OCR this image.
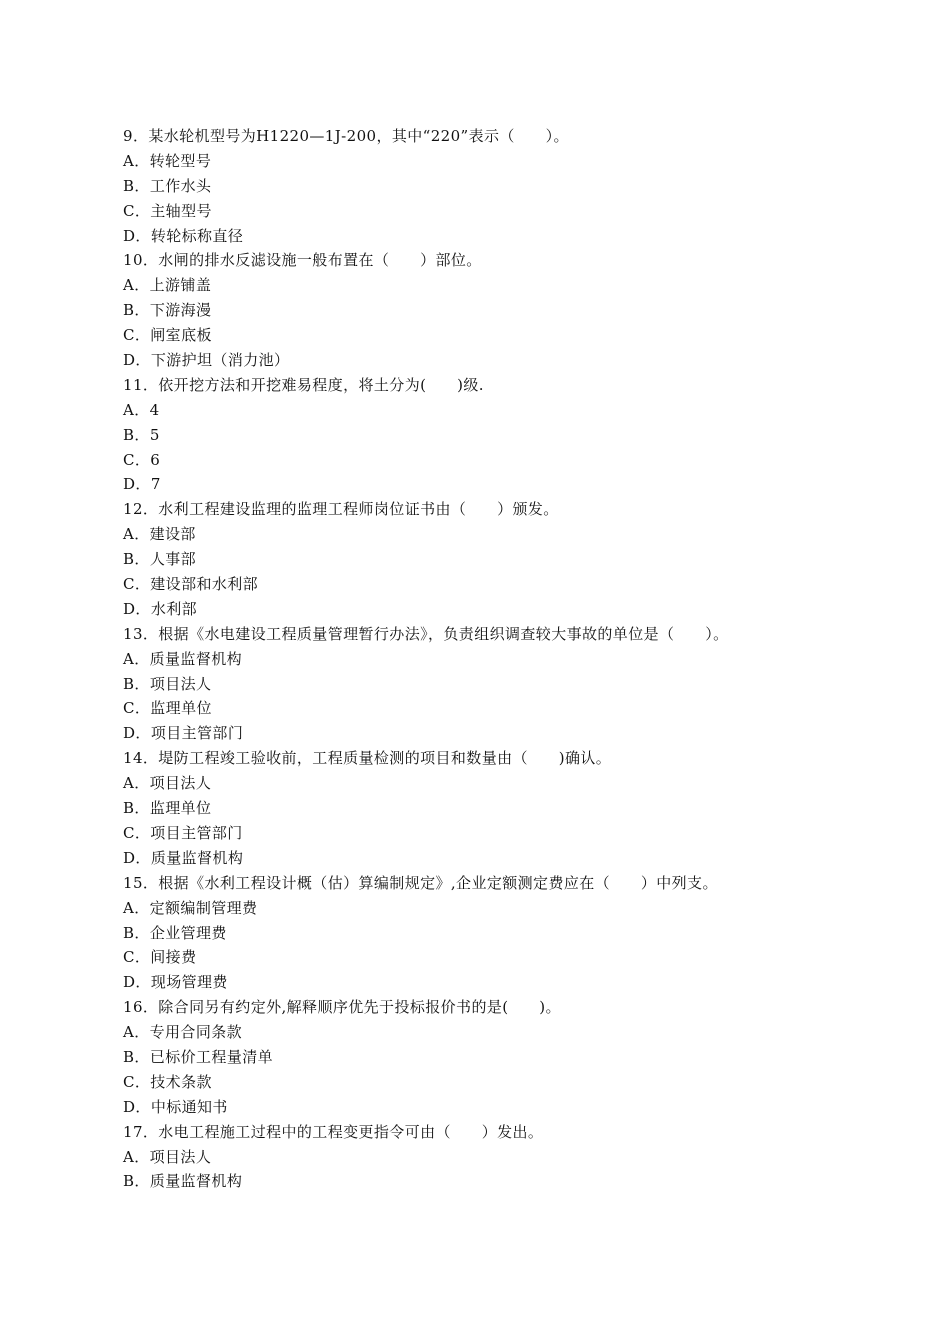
9．某水轮机型号为H1220—1J-200，其中“220”表示（　　）。
A．转轮型号
B．工作水头
C．主轴型号
D．转轮标称直径
10．水闸的排水反滤设施一般布置在（　　）部位。
A．上游铺盖
B．下游海漫
C．闸室底板
D．下游护坦（消力池）
11．依开挖方法和开挖难易程度，将土分为(　　)级.
A．4
B．5
C．6
D．7
12．水利工程建设监理的监理工程师岗位证书由（　　）颁发。
A．建设部
B．人事部
C．建设部和水利部
D．水利部
13．根据《水电建设工程质量管理暂行办法》，负责组织调查较大事故的单位是（　　）。
A．质量监督机构
B．项目法人
C．监理单位
D．项目主管部门
14．堤防工程竣工验收前，工程质量检测的项目和数量由（　　)确认。
A．项目法人
B．监理单位
C．项目主管部门
D．质量监督机构
15．根据《水利工程设计概（估）算编制规定》,企业定额测定费应在（　　）中列支。
A．定额编制管理费
B．企业管理费
C．间接费
D．现场管理费
16．除合同另有约定外,解释顺序优先于投标报价书的是(　　)。
A．专用合同条款
B．已标价工程量清单
C．技术条款
D．中标通知书
17．水电工程施工过程中的工程变更指令可由（　　）发出。
A．项目法人
B．质量监督机构
